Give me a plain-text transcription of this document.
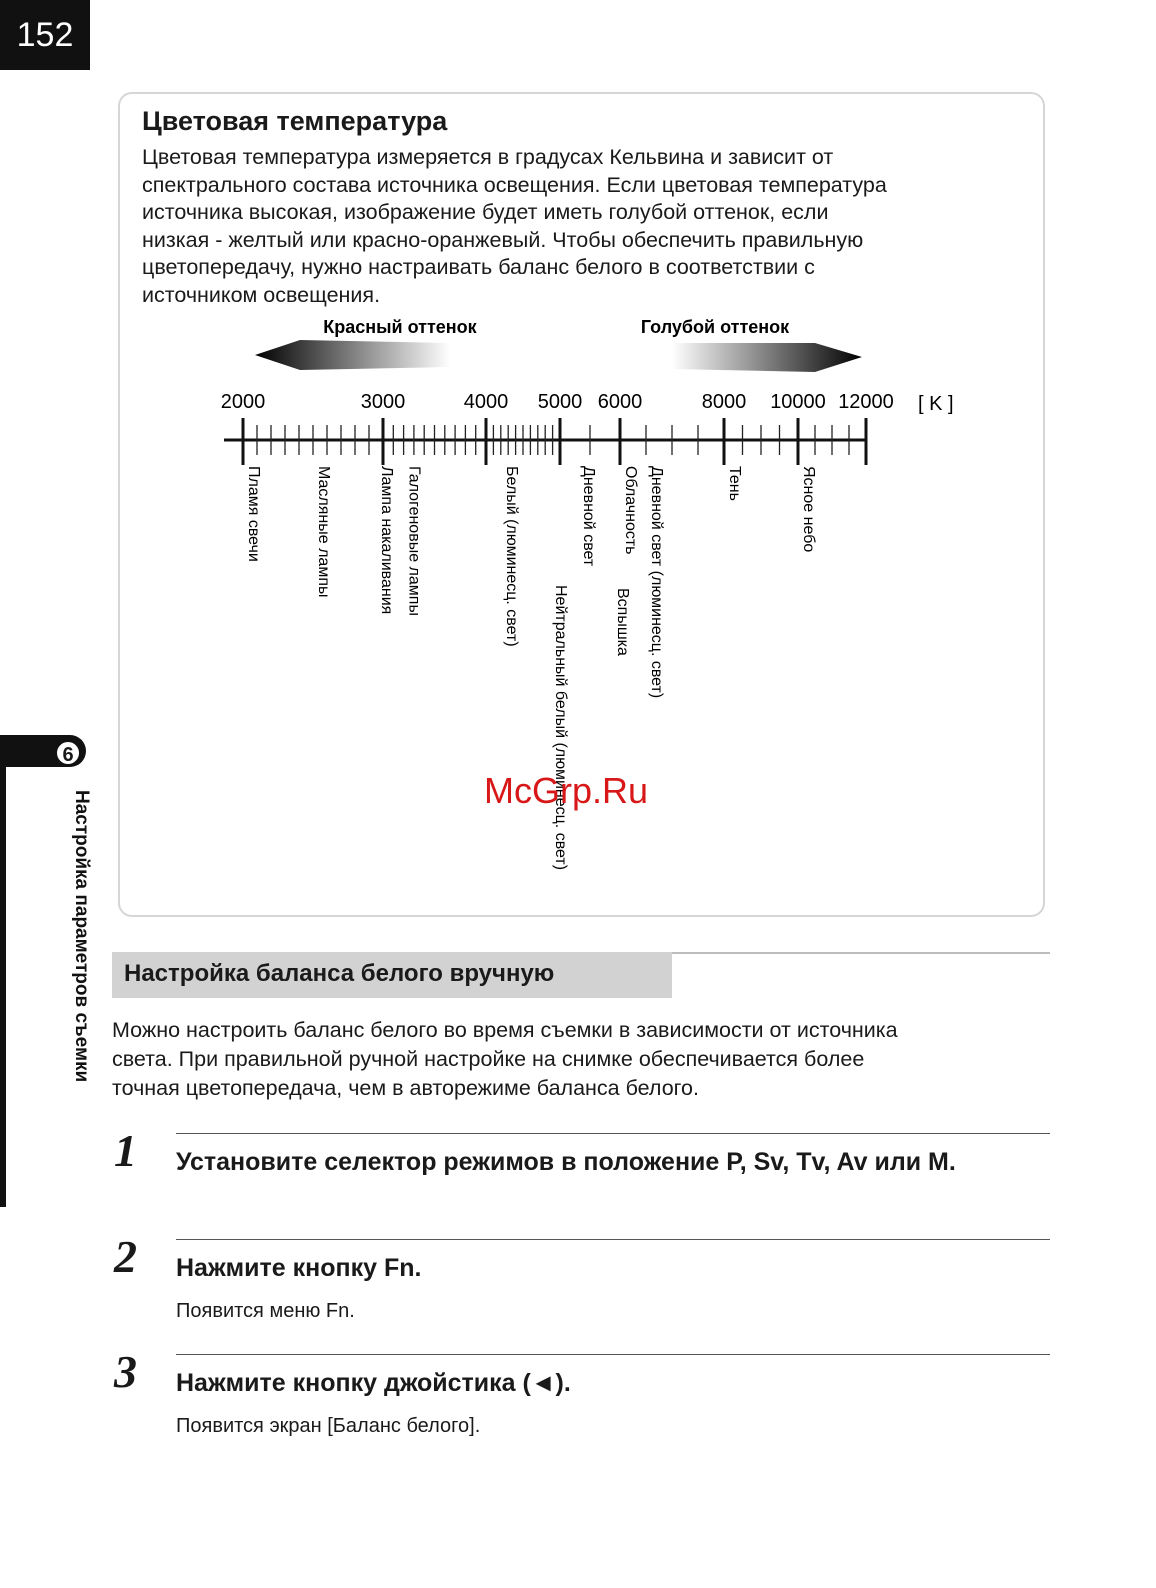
152
6
Настройка параметров съемки
Цветовая температура
Цветовая температура измеряется в градусах Кельвина и зависит от
спектрального состава источника освещения. Если цветовая температура
источника высокая, изображение будет иметь голубой оттенок, если
низкая - желтый или красно-оранжевый. Чтобы обеспечить правильную
цветопередачу, нужно настраивать баланс белого в соответствии с
источником освещения.
Красный оттенок	Голубой оттенок
[ K ]
2000	3000	4000 5000 6000	8000 10000 12000
Пламя свечи	Масляные лампы	Лампа накаливания Галогеновые лампы	Белый (люминесц. свет)
Нейтральный белый (люминесц. свет)
Дневной свет
Вспышка
Облачность Дневной свет (люминесц. свет)	Тень	Ясное небо
Настройка баланса белого вручную
Можно настроить баланс белого во время съемки в зависимости от источника
света. При правильной ручной настройке на снимке обеспечивается более
точная цветопередача, чем в авторежиме баланса белого.
1 Установите селектор режимов в положение P, Sv, Tv, Av или M.
2 Нажмите кнопку Fn.
Появится меню Fn.
3 Нажмите кнопку джойстика (◄).
Появится экран [Баланс белого].
McGrp.Ru
